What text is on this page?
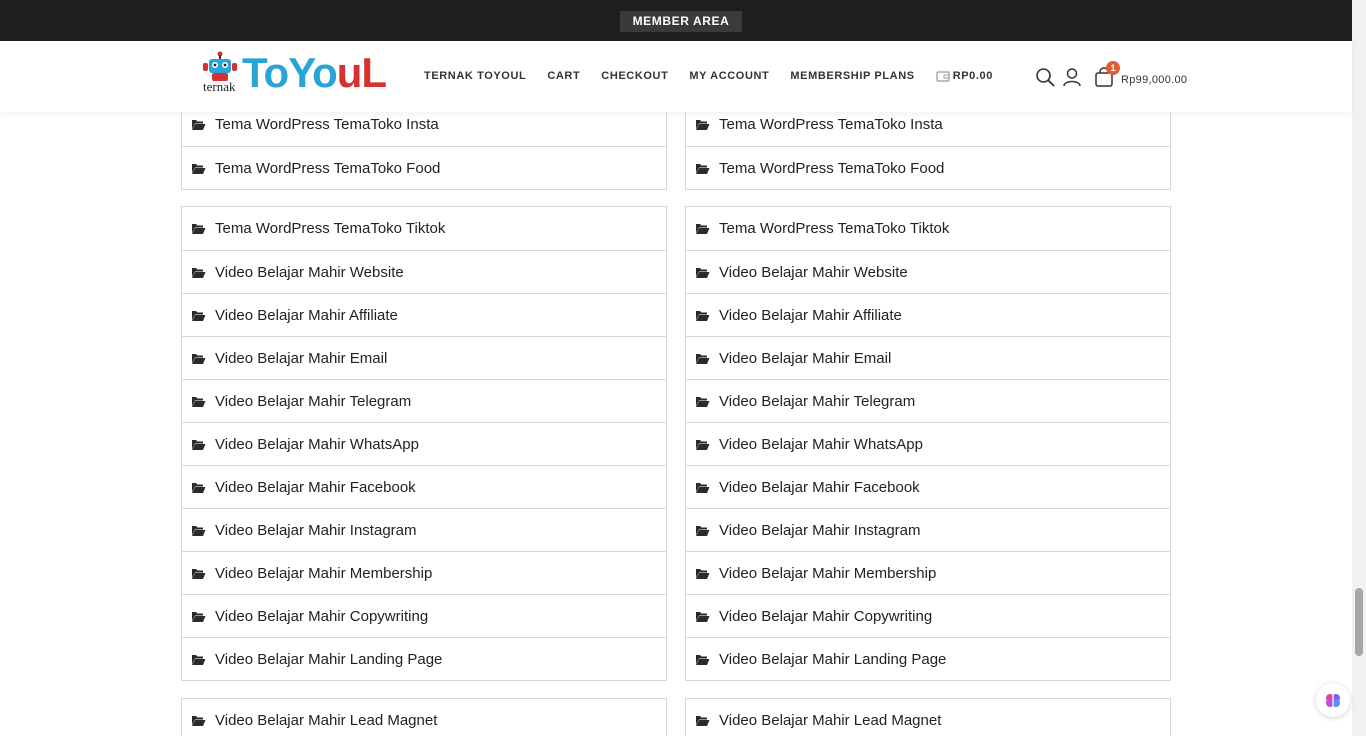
MEMBER AREA
ternak ToYouL	TERNAK TOYOUL CART CHECKOUT MY ACCOUNT MEMBERSHIP PLANS	RP0.00
1
Rp99,000.00
Tema WordPress TemaToko Insta
Tema WordPress TemaToko Food
Tema WordPress TemaToko Tiktok
Video Belajar Mahir Website
Video Belajar Mahir Affiliate
Video Belajar Mahir Email
Video Belajar Mahir Telegram
Video Belajar Mahir WhatsApp
Video Belajar Mahir Facebook
Video Belajar Mahir Instagram
Video Belajar Mahir Membership
Video Belajar Mahir Copywriting
Video Belajar Mahir Landing Page
Video Belajar Mahir Lead Magnet
Tema WordPress TemaToko Insta
Tema WordPress TemaToko Food
Tema WordPress TemaToko Tiktok
Video Belajar Mahir Website
Video Belajar Mahir Affiliate
Video Belajar Mahir Email
Video Belajar Mahir Telegram
Video Belajar Mahir WhatsApp
Video Belajar Mahir Facebook
Video Belajar Mahir Instagram
Video Belajar Mahir Membership
Video Belajar Mahir Copywriting
Video Belajar Mahir Landing Page
Video Belajar Mahir Lead Magnet
